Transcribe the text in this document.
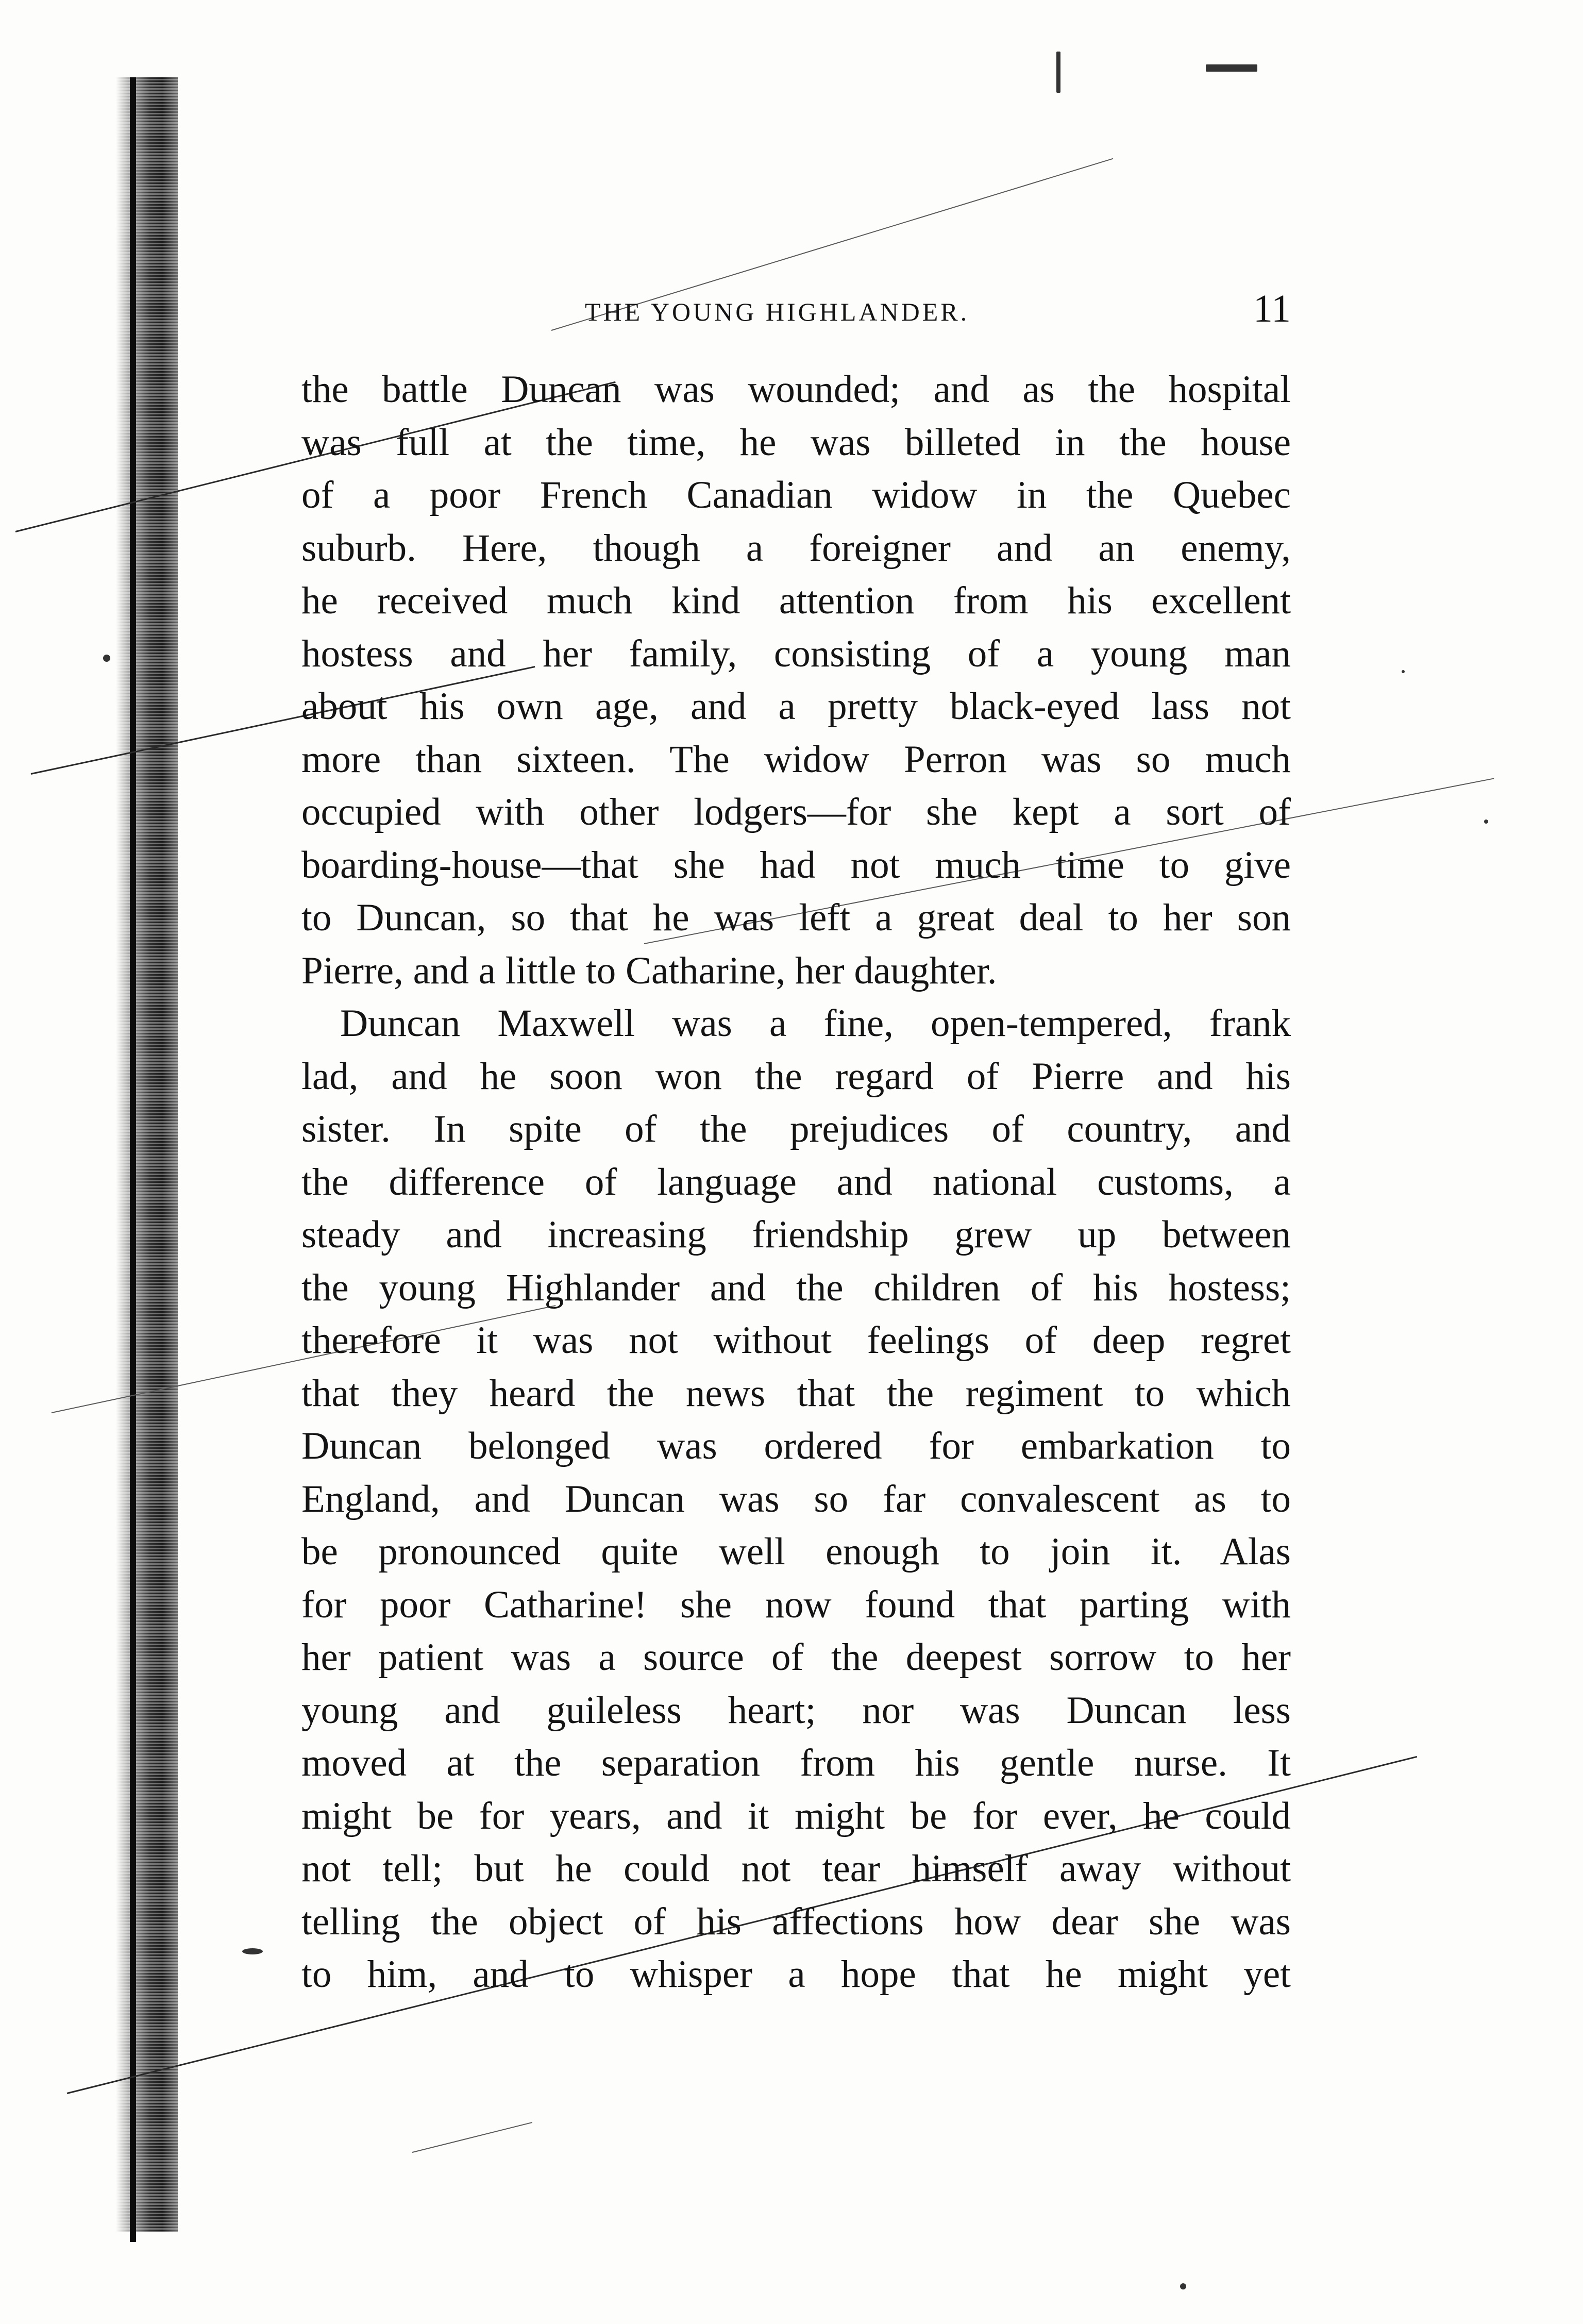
THE YOUNG HIGHLANDER.	11
the battle Duncan was wounded; and as the hospital
was full at the time, he was billeted in the house
of a poor French Canadian widow in the Quebec
suburb. Here, though a foreigner and an enemy,
he received much kind attention from his excellent
hostess and her family, consisting of a young man
about his own age, and a pretty black-eyed lass not
more than sixteen. The widow Perron was so much
occupied with other lodgers—for she kept a sort of
boarding-house—that she had not much time to give
to Duncan, so that he was left a great deal to her son
Pierre, and a little to Catharine, her daughter.
Duncan Maxwell was a fine, open-tempered, frank
lad, and he soon won the regard of Pierre and his
sister. In spite of the prejudices of country, and
the difference of language and national customs, a
steady and increasing friendship grew up between
the young Highlander and the children of his hostess;
therefore it was not without feelings of deep regret
that they heard the news that the regiment to which
Duncan belonged was ordered for embarkation to
England, and Duncan was so far convalescent as to
be pronounced quite well enough to join it. Alas
for poor Catharine! she now found that parting with
her patient was a source of the deepest sorrow to her
young and guileless heart; nor was Duncan less
moved at the separation from his gentle nurse. It
might be for years, and it might be for ever, he could
not tell; but he could not tear himself away without
telling the object of his affections how dear she was
to him, and to whisper a hope that he might yet
